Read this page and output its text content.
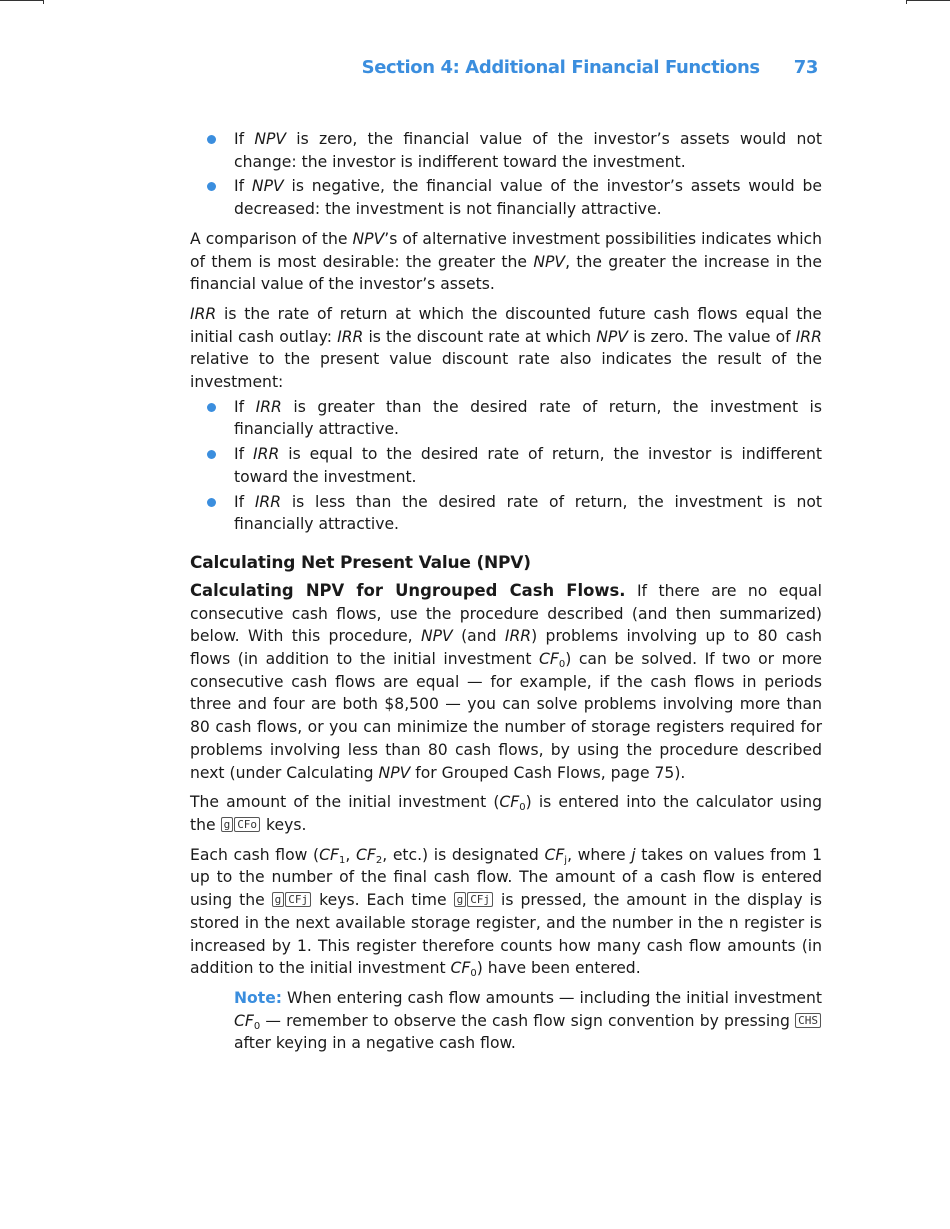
Section 4: Additional Financial Functions 73
If NPV is zero, the financial value of the investor’s assets would not change: the investor is indifferent toward the investment.
If NPV is negative, the financial value of the investor’s assets would be decreased: the investment is not financially attractive.

A comparison of the NPV’s of alternative investment possibilities indicates which of them is most desirable: the greater the NPV, the greater the increase in the financial value of the investor’s assets.

IRR is the rate of return at which the discounted future cash flows equal the initial cash outlay: IRR is the discount rate at which NPV is zero. The value of IRR relative to the present value discount rate also indicates the result of the investment:

If IRR is greater than the desired rate of return, the investment is financially attractive.
If IRR is equal to the desired rate of return, the investor is indifferent toward the investment.
If IRR is less than the desired rate of return, the investment is not financially attractive.
Calculating Net Present Value (NPV)

Calculating NPV for Ungrouped Cash Flows. If there are no equal consecutive cash flows, use the procedure described (and then summarized) below. With this procedure, NPV (and IRR) problems involving up to 80 cash flows (in addition to the initial investment $CF_0$) can be solved. If two or more consecutive cash flows are equal — for example, if the cash flows in periods three and four are both $8,500 — you can solve problems involving more than 80 cash flows, or you can minimize the number of storage registers required for problems involving less than 80 cash flows, by using the procedure described next (under Calculating NPV for Grouped Cash Flows, page 75).

The amount of the initial investment $(CF_0)$ is entered into the calculator using the g CFo keys.

Each cash flow ($CF_1$, $CF_2$, etc.) is designated $CF_j$, where j takes on values from 1 up to the number of the final cash flow. The amount of a cash flow is entered using the g CFj keys. Each time g CFj is pressed, the amount in the display is stored in the next available storage register, and the number in the n register is increased by 1. This register therefore counts how many cash flow amounts (in addition to the initial investment $CF_0$) have been entered.

Note: When entering cash flow amounts — including the initial investment $CF_0$ — remember to observe the cash flow sign convention by pressing CHS after keying in a negative cash flow.
